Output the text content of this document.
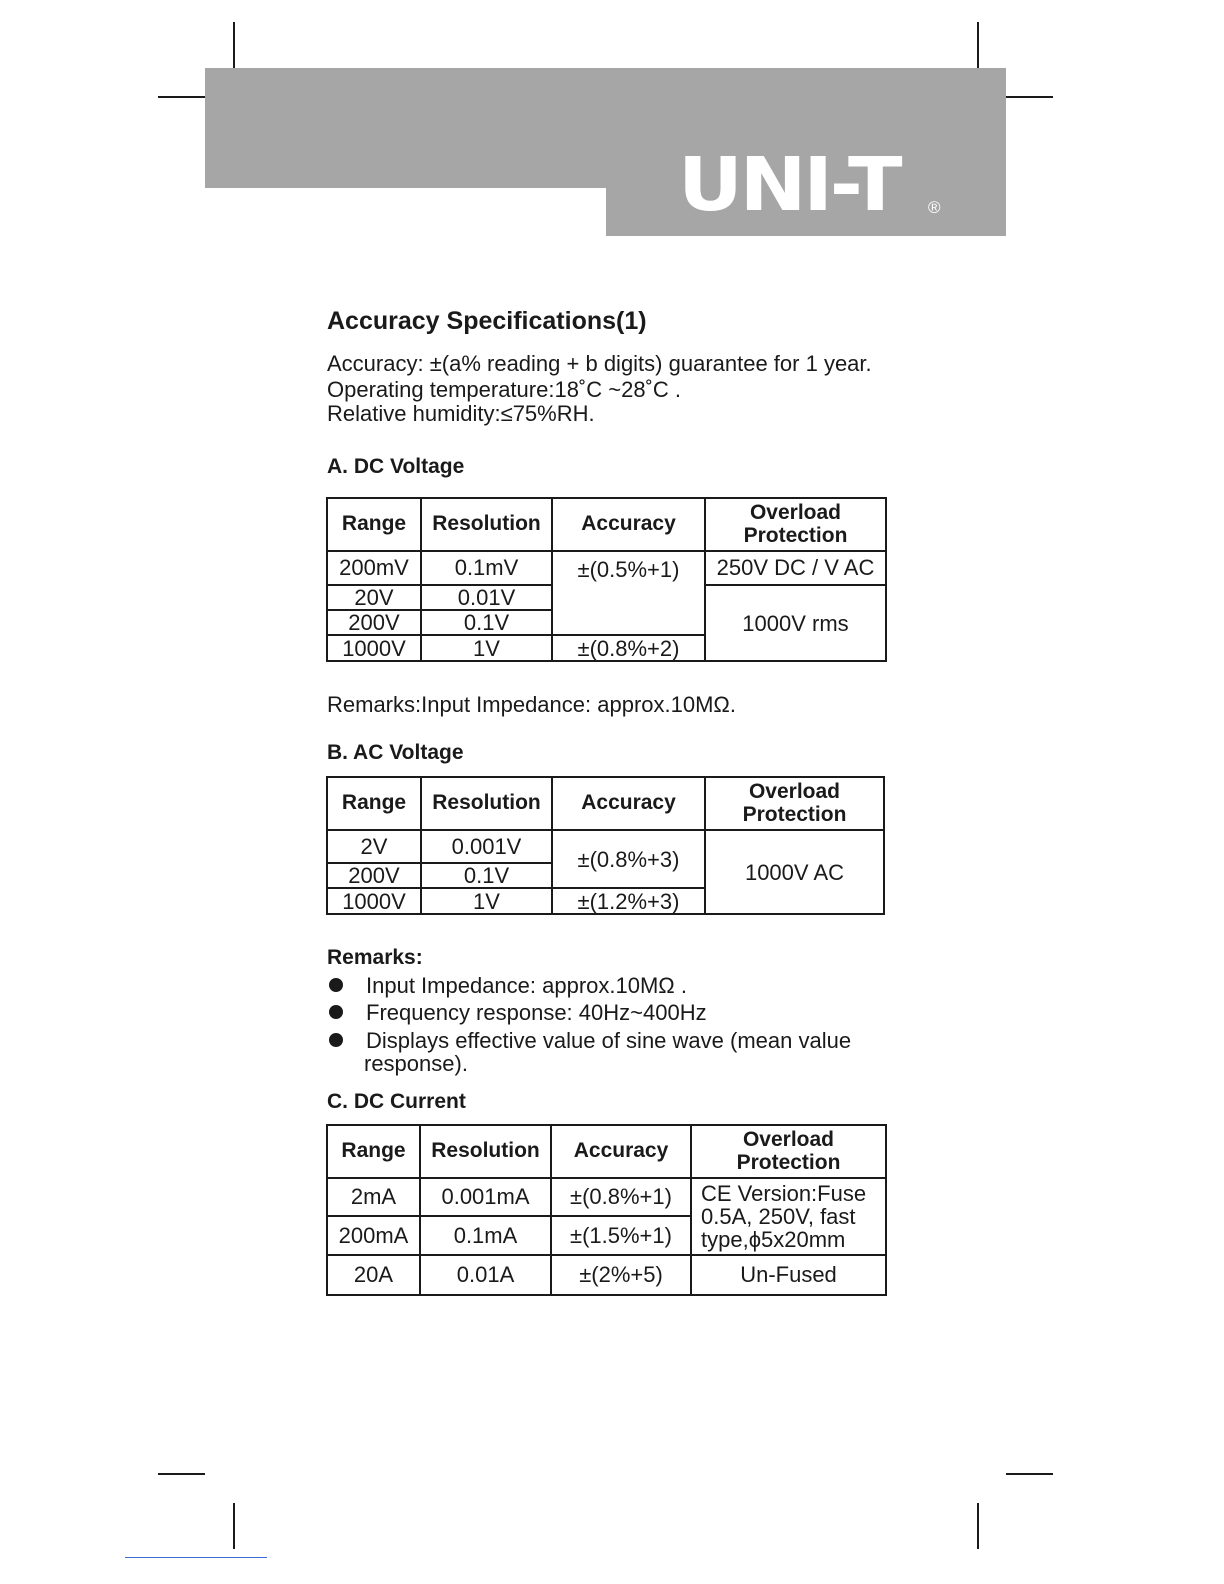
UNI-T ®
Accuracy Specifications(1)
Accuracy: ±(a% reading + b digits) guarantee for 1 year.
Operating temperature:18˚C ~28˚C .
Relative humidity:≤75%RH.
A. DC Voltage
Range	Resolution	Accuracy	Overload
Protection

200mV	0.1mV	±(0.5%+1)	250V DC / V AC
20V	0.01V		1000V rms
200V	0.1V		
1000V	1V	±(0.8%+2)	
Remarks:Input Impedance: approx.10MΩ.
B. AC Voltage
Range	Resolution	Accuracy	Overload
Protection

2V	0.001V	±(0.8%+3)	1000V AC
200V	0.1V		
1000V	1V	±(1.2%+3)	
Remarks:
Input Impedance: approx.10MΩ .
Frequency response: 40Hz~400Hz
Displays effective value of sine wave (mean value
response).
C. DC Current
Range	Resolution	Accuracy	Overload
Protection

2mA	0.001mA	±(0.8%+1)	CE Version:Fuse
0.5A, 250V, fast
type,ϕ5x20mm

200mA	0.1mA	±(1.5%+1)	
20A	0.01A	±(2%+5)	Un-Fused
